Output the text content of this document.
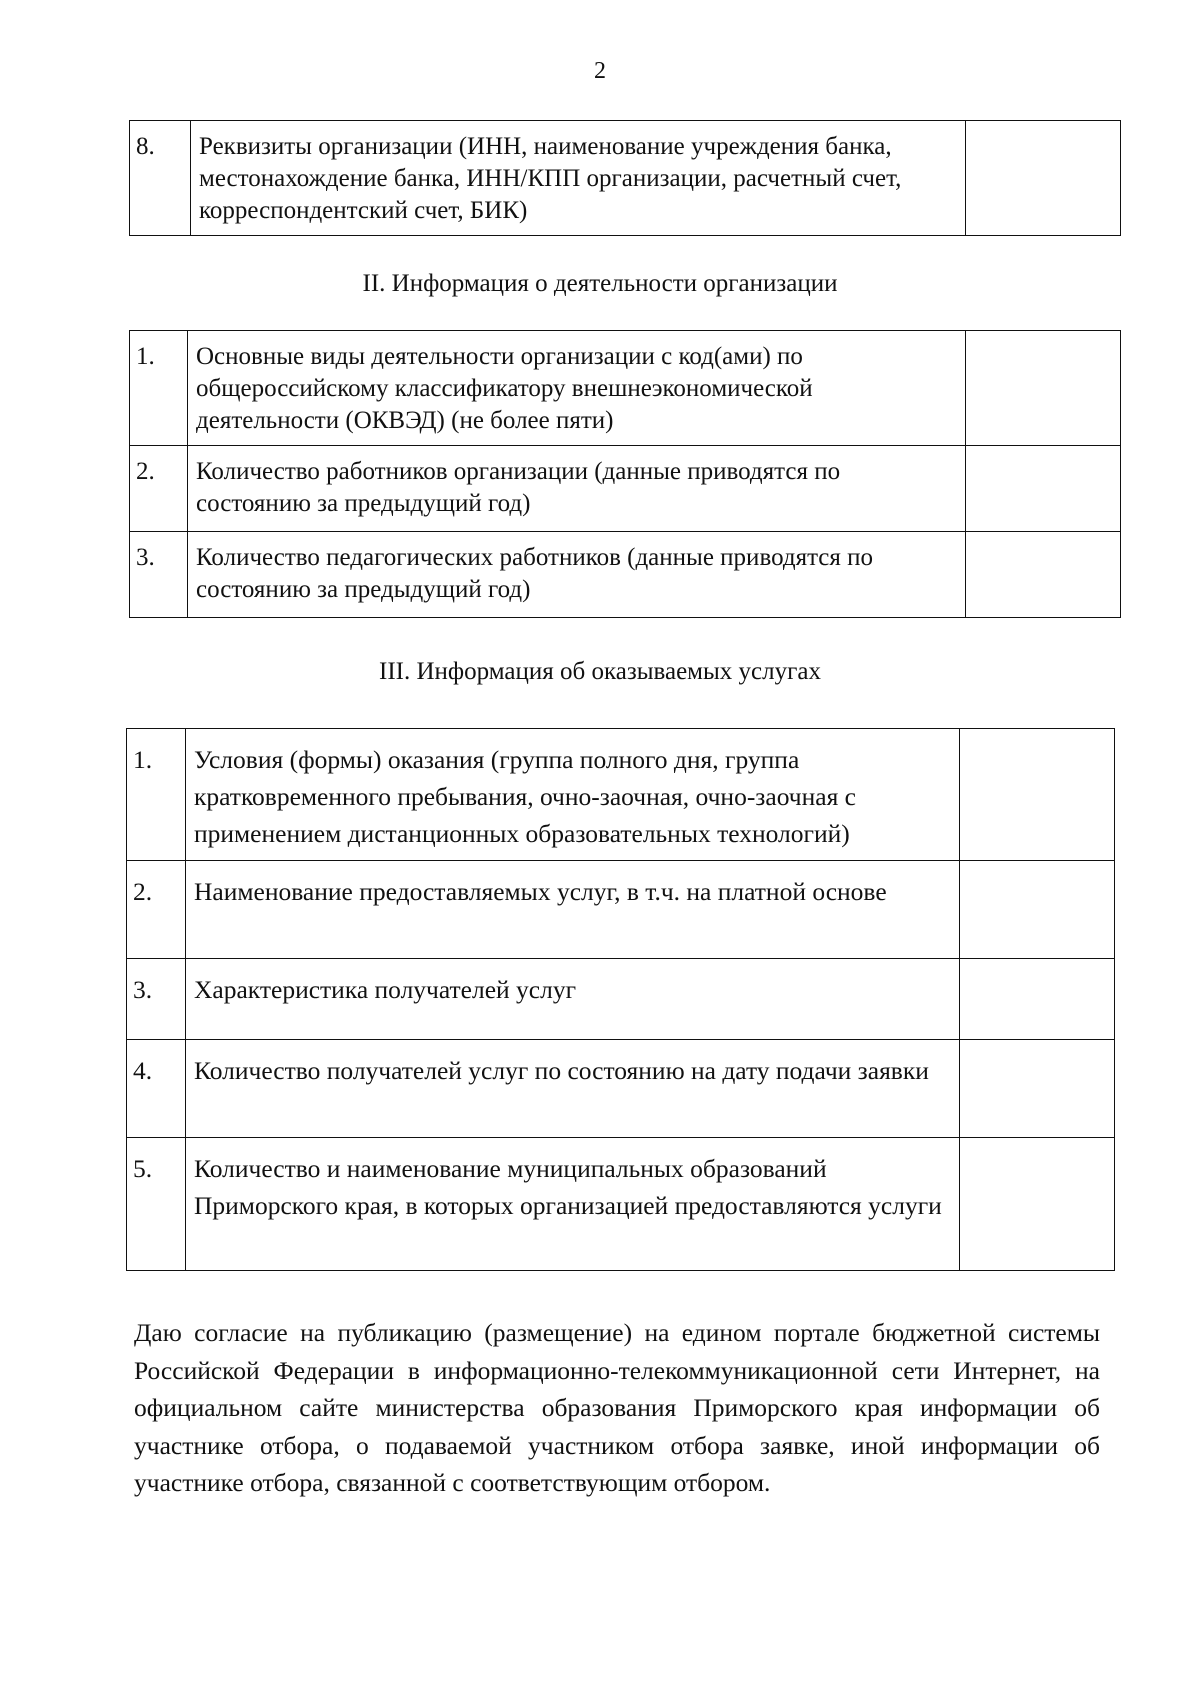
2
8.	Реквизиты организации (ИНН, наименование учреждения банка, местонахождение банка, ИНН/КПП организации, расчетный счет, корреспондентский счет, БИК)	
II. Информация о деятельности организации
1.	Основные виды деятельности организации с код(ами) по общероссийскому классификатору внешнеэкономической деятельности (ОКВЭД) (не более пяти)	
2.	Количество работников организации (данные приводятся по состоянию за предыдущий год)	
3.	Количество педагогических работников (данные приводятся по состоянию за предыдущий год)	
III. Информация об оказываемых услугах
1.	Условия (формы) оказания (группа полного дня, группа кратковременного пребывания, очно-заочная, очно-заочная с применением дистанционных образовательных технологий)	
2.	Наименование предоставляемых услуг, в т.ч. на платной основе	
3.	Характеристика получателей услуг	
4.	Количество получателей услуг по состоянию на дату подачи заявки	
5.	Количество и наименование муниципальных образований Приморского края, в которых организацией предоставляются услуги	

Даю согласие на публикацию (размещение) на едином портале бюджетной системы Российской Федерации в информационно-телекоммуникационной сети Интернет, на официальном сайте министерства образования Приморского края информации об участнике отбора, о подаваемой участником отбора заявке, иной информации об участнике отбора, связанной с соответствующим отбором.
